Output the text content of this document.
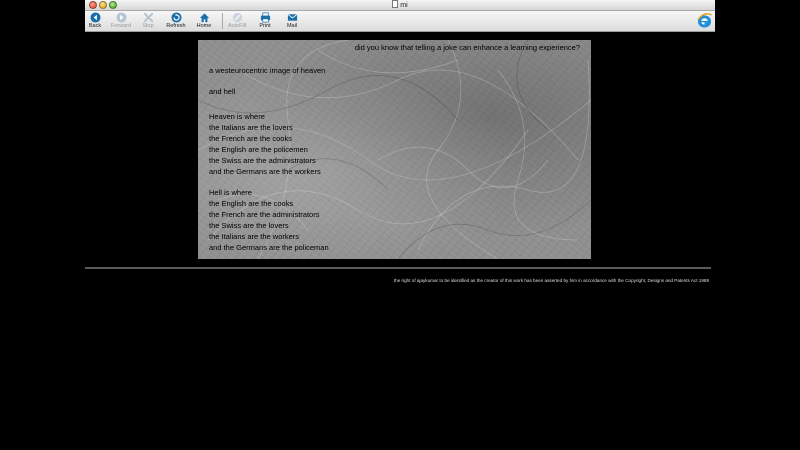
mi
Back	Forward	Stop	Refresh	Home	AutoFill	Print	Mail
did you know that telling a joke can enhance a learning experience?
a westeurocentric image of heaven
and hell
Heaven is where
the Italians are the lovers
the French are the cooks
the English are the policemen
the Swiss are the administrators
and the Germans are the workers
Hell is where
the English are the cooks
the French are the administrators
the Swiss are the lovers
the Italians are the workers
and the Germans are the policeman
the right of ajaykumar to be identified as the creator of this work has been asserted by him in accordance with the Copyright, Designs and Patents Act 1988
